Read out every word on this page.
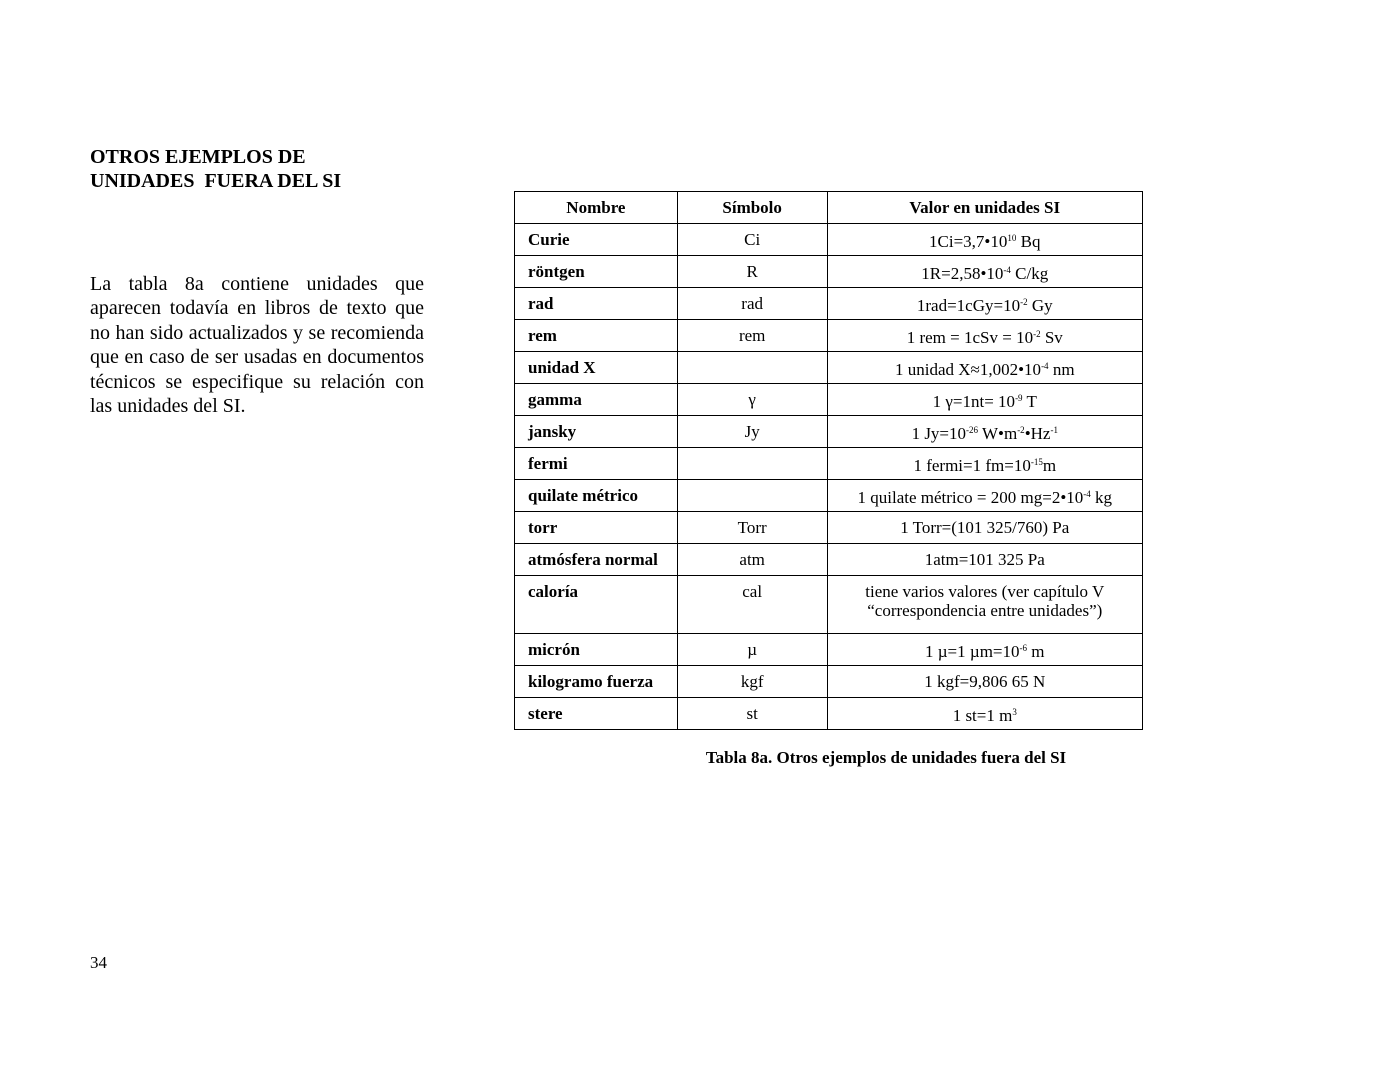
OTROS EJEMPLOS DE
UNIDADES  FUERA DEL SI

La tabla 8a contiene unidades que aparecen todavía en libros de texto que no han sido actualizados y se recomienda que en caso de ser usadas en documentos técnicos se especifique su relación con las unidades del SI.

Nombre	Símbolo	Valor en unidades SI
Curie	Ci	$1Ci=3,7•10^{10}$ Bq
röntgen	R	$1R=2,58•10^{-4}$ C/kg
rad	rad	$1rad=1cGy=10^{-2}$ Gy
rem	rem	1 rem = $1cSv = 10^{-2}$ Sv
unidad X		1 unidad $X\approx 1,002•10^{-4}$ nm
gamma	γ	1 $\gamma=1nt= 10^{-9}$ T
jansky	Jy	1 $Jy=10^{-26}$ $W•m^{-2}•Hz^{-1}$
fermi		1 fermi=1 $fm=10^{-15}m$
quilate métrico		1 quilate métrico = 200 $mg=2•10^{-4}$ kg
torr	Torr	1 Torr=(101 325/760) Pa
atmósfera normal	atm	1atm=101 325 Pa
caloría	cal	tiene varios valores (ver capítulo V
“correspondencia entre unidades”)
micrón	µ	1 µ=1 $\mu m=10^{-6}$ m
kilogramo fuerza	kgf	1 kgf=9,806 65 N
stere	st	1 st=1 $m^3$
Tabla 8a. Otros ejemplos de unidades fuera del SI
34
